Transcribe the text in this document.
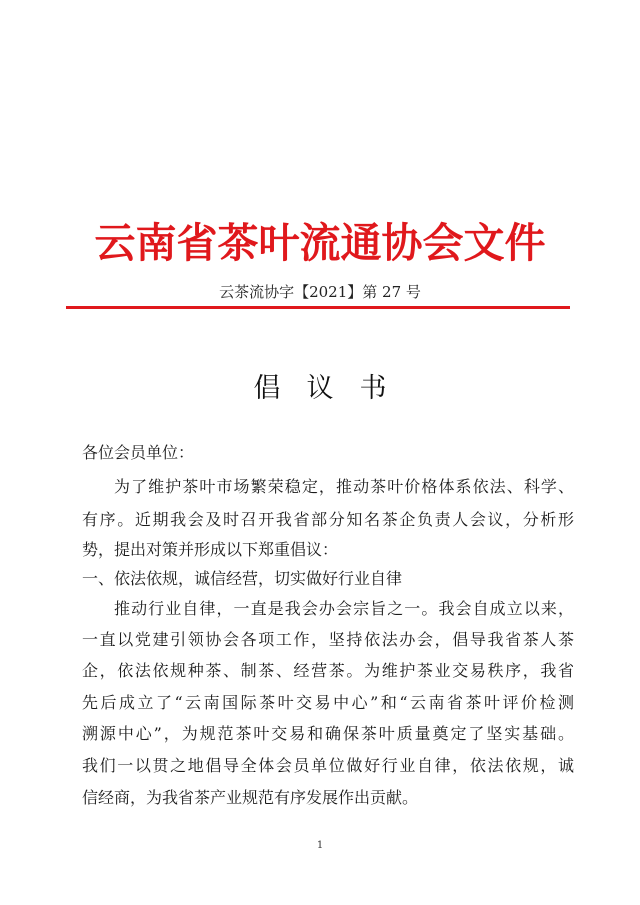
云南省茶叶流通协会文件
云茶流协字【2021】第 27 号
倡议书
各位会员单位：
为了维护茶叶市场繁荣稳定，推动茶叶价格体系依法、科学、
有序。近期我会及时召开我省部分知名茶企负责人会议，分析形
势，提出对策并形成以下郑重倡议：
一、依法依规，诚信经营，切实做好行业自律
推动行业自律，一直是我会办会宗旨之一。我会自成立以来，
一直以党建引领协会各项工作，坚持依法办会，倡导我省茶人茶
企，依法依规种茶、制茶、经营茶。为维护茶业交易秩序，我省
先后成立了“云南国际茶叶交易中心”和“云南省茶叶评价检测
溯源中心”，为规范茶叶交易和确保茶叶质量奠定了坚实基础。
我们一以贯之地倡导全体会员单位做好行业自律，依法依规，诚
信经商，为我省茶产业规范有序发展作出贡献。
1
